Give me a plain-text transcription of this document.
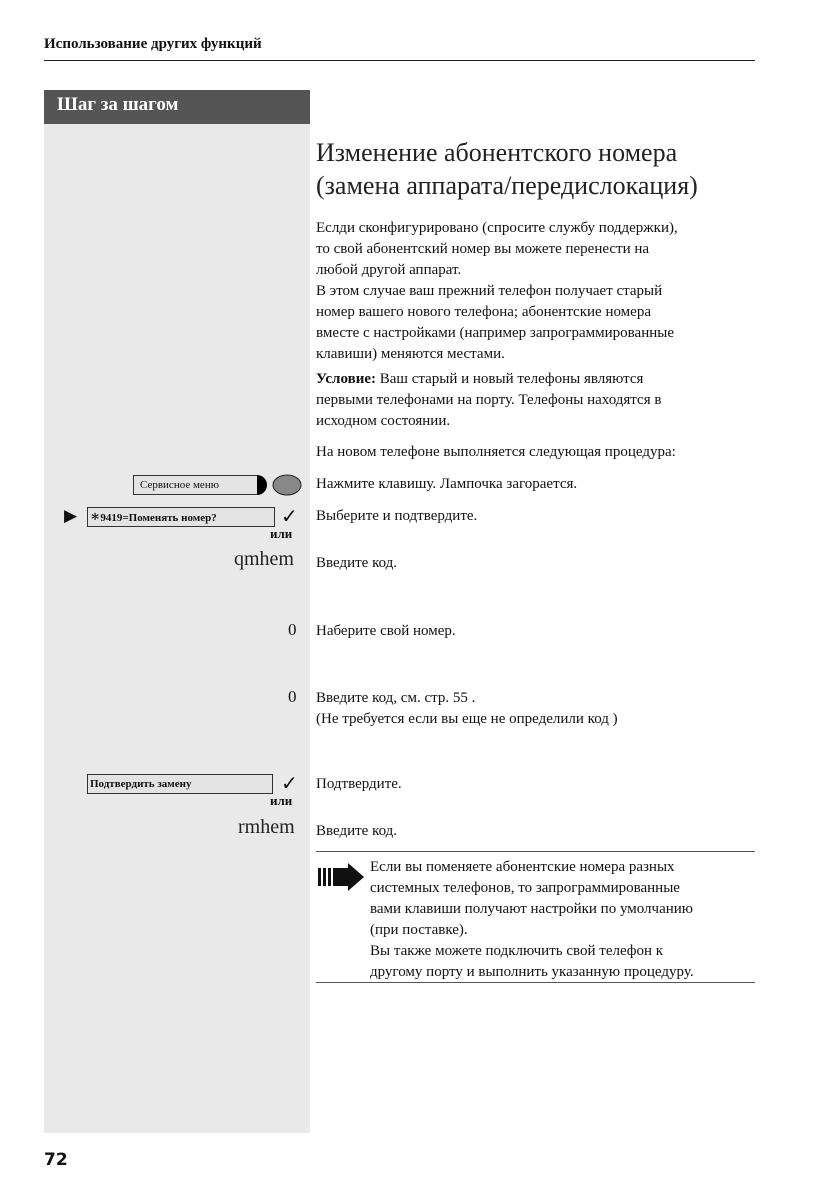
Использование других функций
Шаг за шагом
Изменение абонентского номера
(замена аппарата/передислокация)
Еслди сконфигурировано (спросите службу поддержки),
то свой абонентский номер вы можете перенести на
любой другой аппарат.
В этом случае ваш прежний телефон получает старый
номер вашего нового телефона; абонентские номера
вместе с настройками (например запрограммированные
клавиши) меняются местами.
Условие: Ваш старый и новый телефоны являются
первыми телефонами на порту. Телефоны находятся в
исходном состоянии.
На новом телефоне выполняется следующая процедура:
Сервисное меню	Нажмите клавишу. Лампочка загорается.
▶ ∗9419=Поменять номер?	✓ Выберите и подтвердите.
или
qmhem Введите код.
0 Наберите свой номер.
0 Введите код, см. стр. 55 .
(Не требуется если вы еще не определили код )
Подтвердить замену	✓ Подтвердите.
или
rmhem Введите код.
Если вы поменяете абонентские номера разных
системных телефонов, то запрограммированные
вами клавиши получают настройки по умолчанию
(при поставке).
Вы также можете подключить свой телефон к
другому порту и выполнить указанную процедуру.
72
